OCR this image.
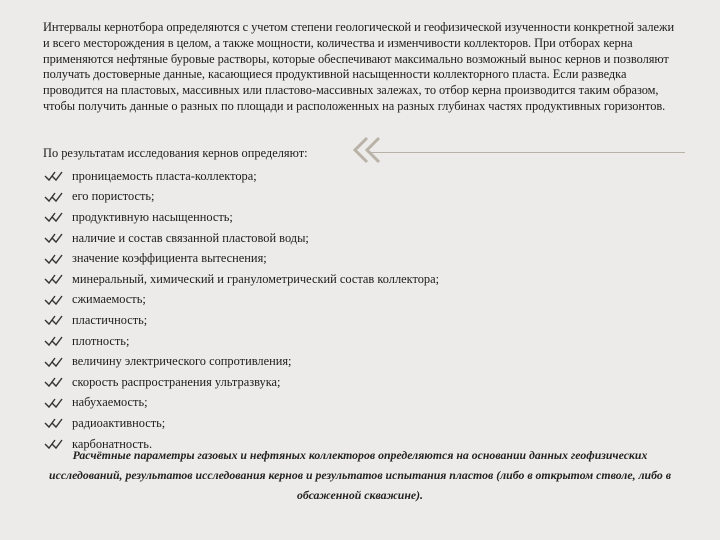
Интервалы кернотбора определяются с учетом степени геологической и геофизической изученности конкретной залежи и всего месторождения в целом, а также мощности, количества и изменчивости коллекторов. При отборах керна применяются нефтяные буровые растворы, которые обеспечивают максимально возможный вынос кернов и позволяют получать достоверные данные, касающиеся продуктивной насыщенности коллекторного пласта. Если разведка проводится на пластовых, массивных или пластово-массивных залежах, то отбор керна производится таким образом, чтобы получить данные о разных по площади и расположенных на разных глубинах частях продуктивных горизонтов.

По результатам исследования кернов определяют:

проницаемость пласта-коллектора;
его пористость;
продуктивную насыщенность;
наличие и состав связанной пластовой воды;
значение коэффициента вытеснения;
минеральный, химический и гранулометрический состав коллектора;
сжимаемость;
пластичность;
плотность;
величину электрического сопротивления;
скорость распространения ультразвука;
набухаемость;
радиоактивность;
карбонатность.

Расчётные параметры газовых и нефтяных коллекторов определяются на основании данных геофизических исследований, результатов исследования кернов и результатов испытания пластов (либо в открытом стволе, либо в обсаженной скважине).
